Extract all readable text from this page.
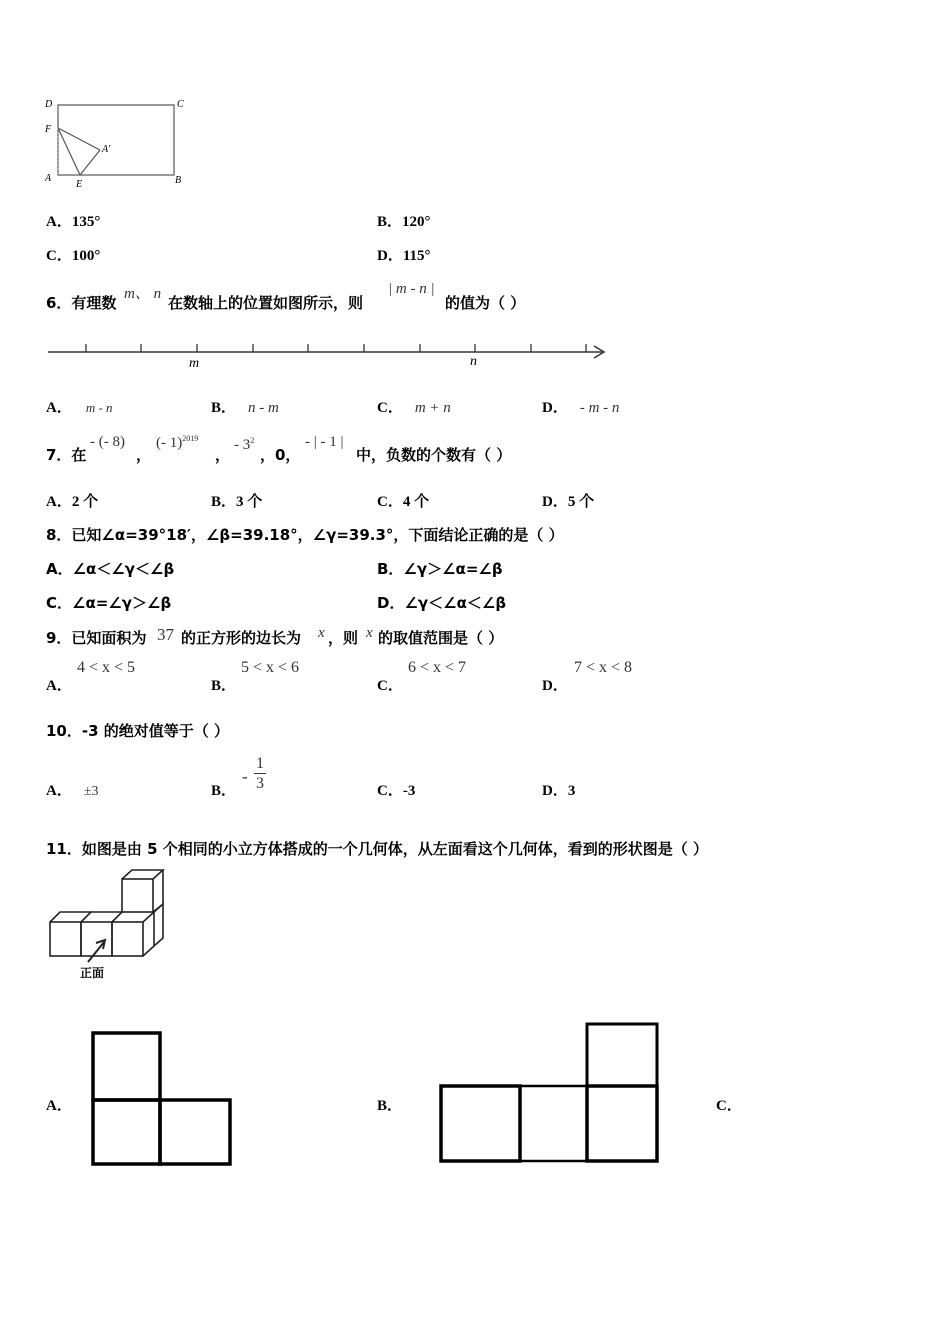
D	C
F
A'
A
E	B
A．135°	B．120°
C．100°	D．115°
6．有理数 m、 n 在数轴上的位置如图所示，则
| m - n |
的值为（ ）
m	n
A． m - n	B． n - m	C． m + n	D． - m - n
7．在
- (- 8)
，
(- 1)$^{2019}$
，
- $3^2$
，0，
- | - 1 |
中，负数的个数有（ ）
A．2 个	B．3 个	C．4 个	D．5 个
8．已知∠α=39°18′，∠β=39.18°，∠γ=39.3°，下面结论正确的是（ ）
A．∠α＜∠γ＜∠β	B．∠γ＞∠α=∠β
C．∠α=∠γ＞∠β	D．∠γ＜∠α＜∠β
9．已知面积为 37 的正方形的边长为 x ，则 x 的取值范围是（ ）
A．
4 < x < 5
B．
5 < x < 6
C．
6 < x < 7
D．
7 < x < 8
10．-3 的绝对值等于（ ）
A． ±3	B．
-
1
3	C．-3	D．3
11．如图是由 5 个相同的小立方体搭成的一个几何体，从左面看这个几何体，看到的形状图是（ ）
正面
A．	B．	C．
